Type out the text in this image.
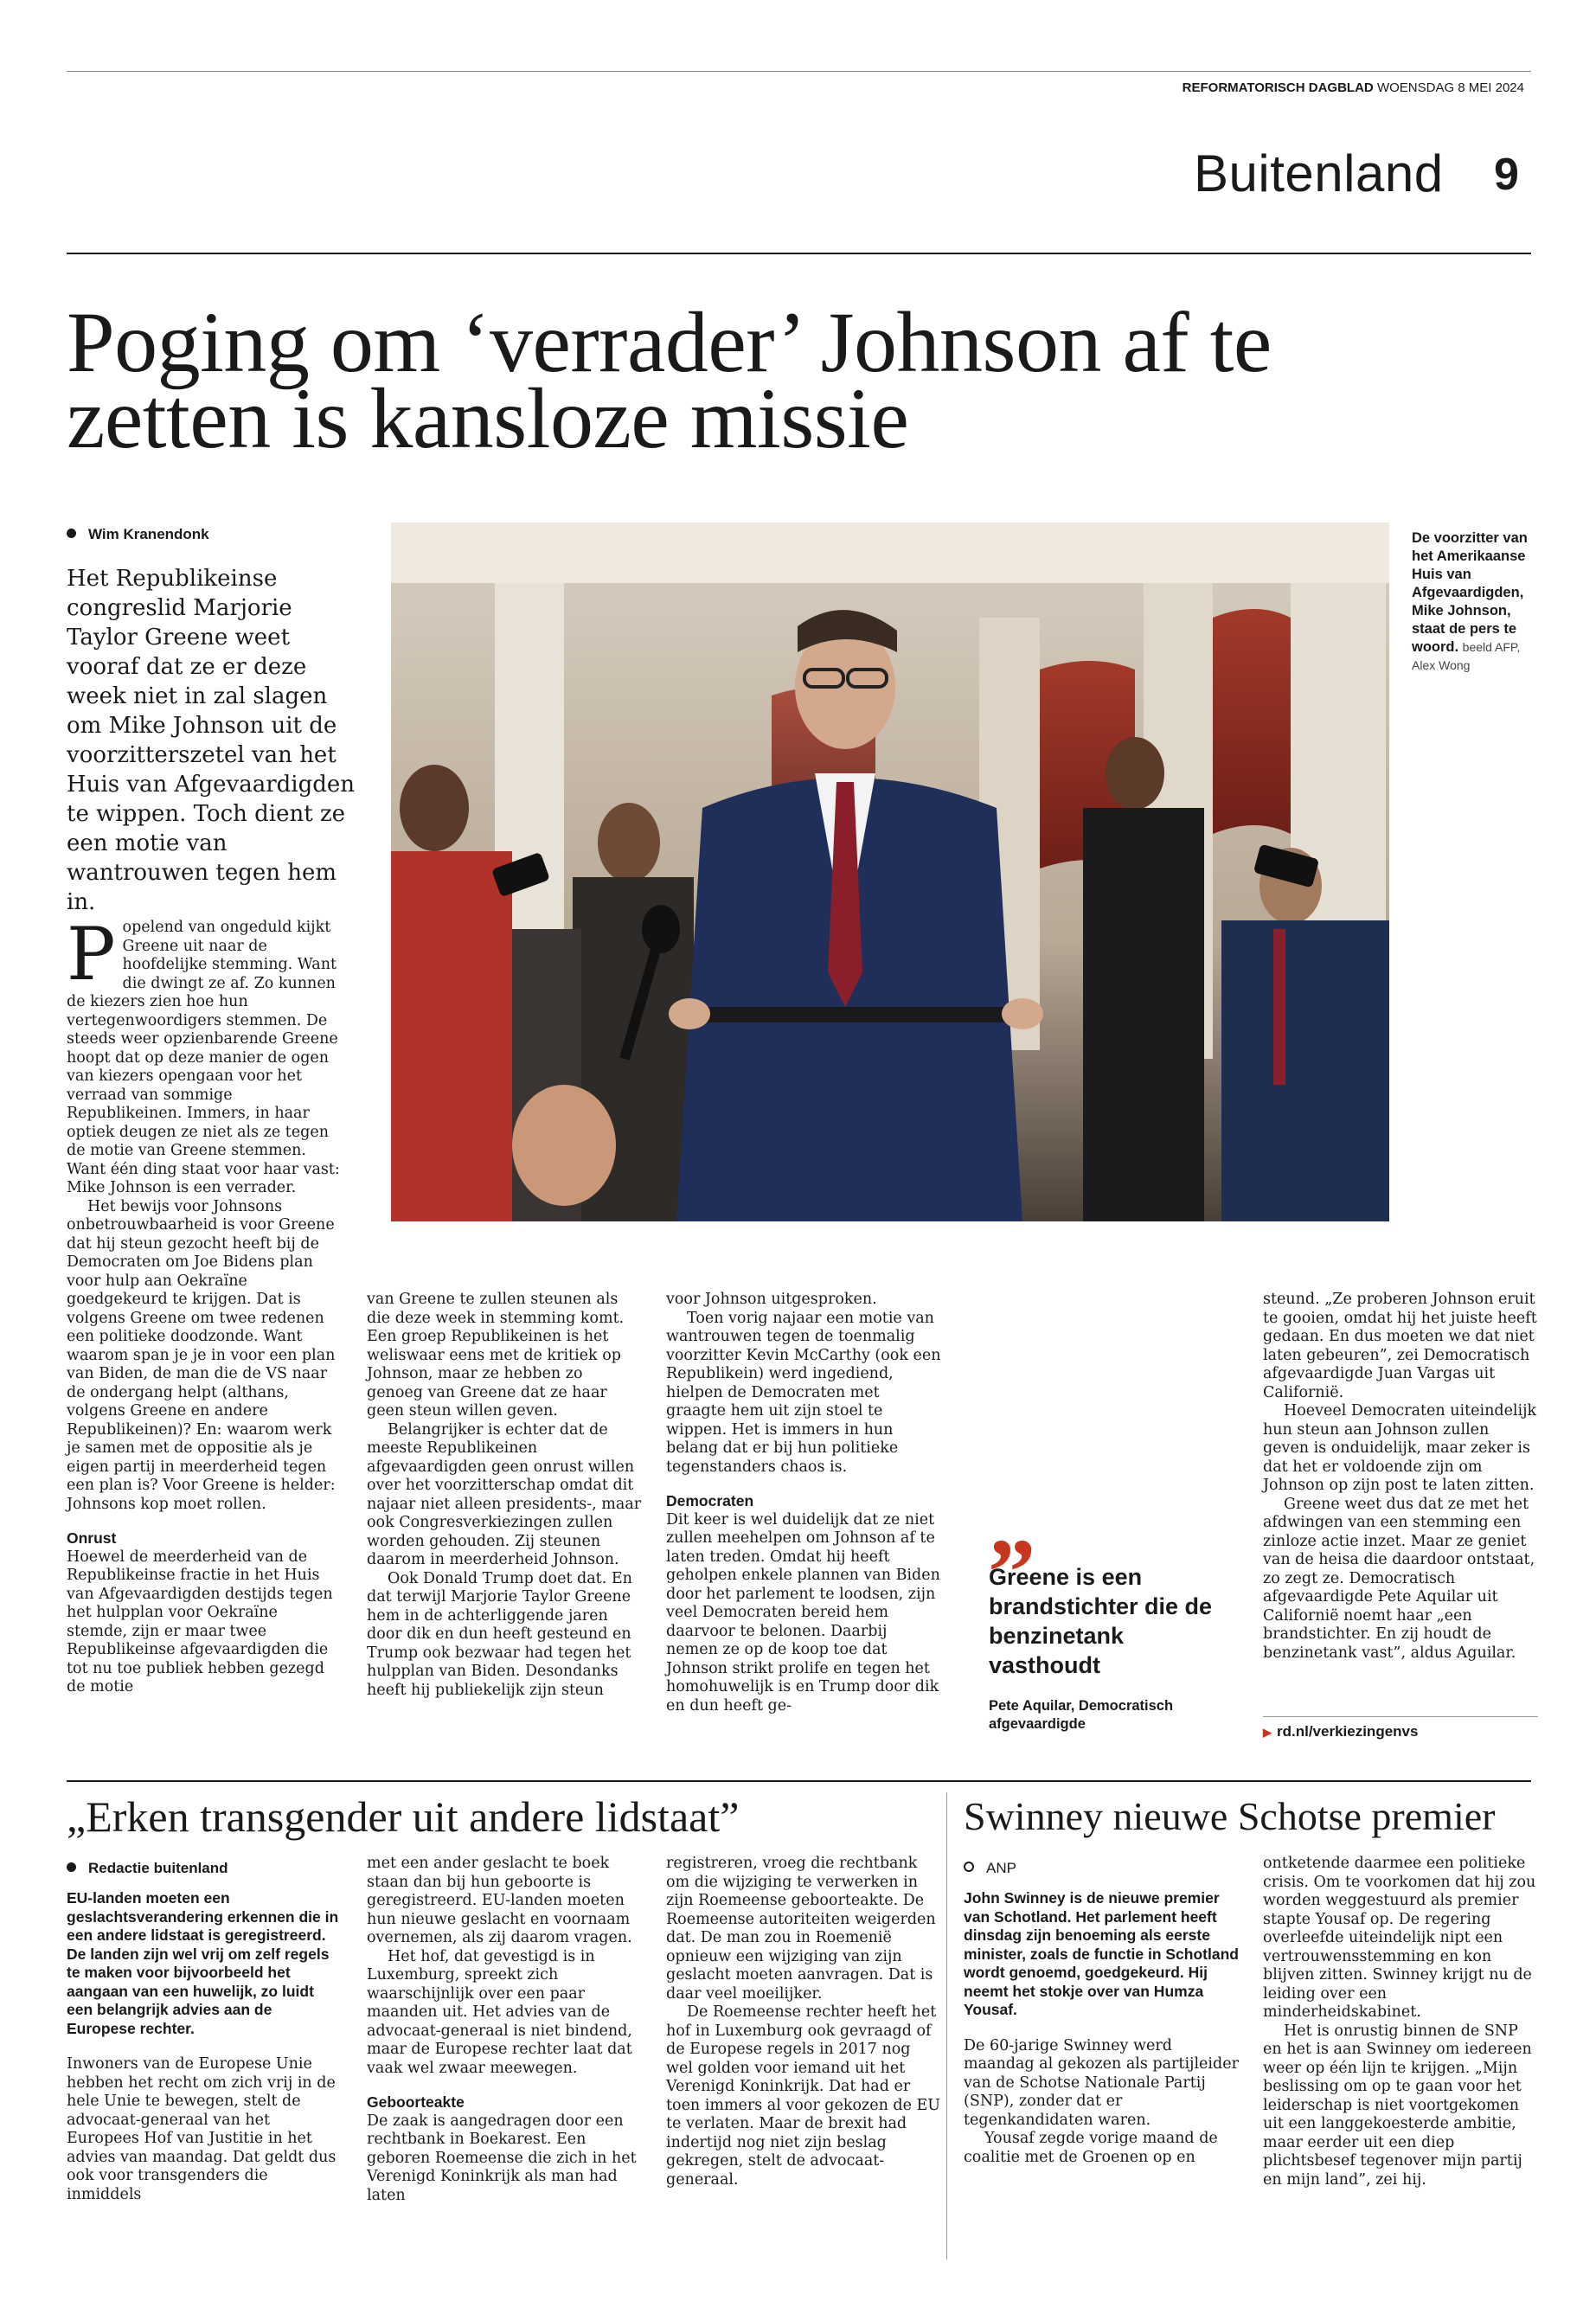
REFORMATORISCH DAGBLAD WOENSDAG 8 MEI 2024
Buitenland 9
Poging om ‘verrader’ Johnson af te
zetten is kansloze missie
Wim Kranendonk
Het Republikeinse congreslid Marjorie Taylor Greene weet vooraf dat ze er deze week niet in zal slagen om Mike Johnson uit de voorzitterszetel van het Huis van Afgevaardigden te wippen. Toch dient ze een motie van wantrouwen tegen hem in.
De voorzitter van het Amerikaanse Huis van Afgevaardigden, Mike Johnson, staat de pers te woord. beeld AFP, Alex Wong
P opelend van ongeduld kijkt Greene uit naar de hoofdelijke stemming. Want die dwingt ze af. Zo kunnen de kiezers zien hoe hun vertegenwoordigers stemmen. De steeds weer opzienbarende Greene hoopt dat op deze manier de ogen van kiezers opengaan voor het verraad van sommige Republikeinen. Immers, in haar optiek deugen ze niet als ze tegen de motie van Greene stemmen. Want één ding staat voor haar vast: Mike Johnson is een verrader.

Het bewijs voor Johnsons onbetrouwbaarheid is voor Greene dat hij steun gezocht heeft bij de Democraten om Joe Bidens plan voor hulp aan Oekraïne goedgekeurd te krijgen. Dat is volgens Greene om twee redenen een politieke doodzonde. Want waarom span je je in voor een plan van Biden, de man die de VS naar de ondergang helpt (althans, volgens Greene en andere Republikeinen)? En: waarom werk je samen met de oppositie als je eigen partij in meerderheid tegen een plan is? Voor Greene is helder: Johnsons kop moet rollen.

Onrust

Hoewel de meerderheid van de Republikeinse fractie in het Huis van Afgevaardigden destijds tegen het hulpplan voor Oekraïne stemde, zijn er maar twee Republikeinse afgevaardigden die tot nu toe publiek hebben gezegd de motie

van Greene te zullen steunen als die deze week in stemming komt. Een groep Republikeinen is het weliswaar eens met de kritiek op Johnson, maar ze hebben zo genoeg van Greene dat ze haar geen steun willen geven.

Belangrijker is echter dat de meeste Republikeinen afgevaardigden geen onrust willen over het voorzitterschap omdat dit najaar niet alleen presidents-, maar ook Congresverkiezingen zullen worden gehouden. Zij steunen daarom in meerderheid Johnson.

Ook Donald Trump doet dat. En dat terwijl Marjorie Taylor Greene hem in de achterliggende jaren door dik en dun heeft gesteund en Trump ook bezwaar had tegen het hulpplan van Biden. Desondanks heeft hij publiekelijk zijn steun

voor Johnson uitgesproken.

Toen vorig najaar een motie van wantrouwen tegen de toenmalig voorzitter Kevin McCarthy (ook een Republikein) werd ingediend, hielpen de Democraten met graagte hem uit zijn stoel te wippen. Het is immers in hun belang dat er bij hun politieke tegenstanders chaos is.

Democraten

Dit keer is wel duidelijk dat ze niet zullen meehelpen om Johnson af te laten treden. Omdat hij heeft geholpen enkele plannen van Biden door het parlement te loodsen, zijn veel Democraten bereid hem daarvoor te belonen. Daarbij nemen ze op de koop toe dat Johnson strikt prolife en tegen het homohuwelijk is en Trump door dik en dun heeft ge-

„
Greene is een brandstichter die de benzinetank vasthoudt
Pete Aquilar, Democratisch afgevaardigde

steund. „Ze proberen Johnson eruit te gooien, omdat hij het juiste heeft gedaan. En dus moeten we dat niet laten gebeuren”, zei Democratisch afgevaardigde Juan Vargas uit Californië.

Hoeveel Democraten uiteindelijk hun steun aan Johnson zullen geven is onduidelijk, maar zeker is dat het er voldoende zijn om Johnson op zijn post te laten zitten.

Greene weet dus dat ze met het afdwingen van een stemming een zinloze actie inzet. Maar ze geniet van de heisa die daardoor ontstaat, zo zegt ze. Democratisch afgevaardigde Pete Aquilar uit Californië noemt haar „een brandstichter. En zij houdt de benzinetank vast”, aldus Aguilar.

▶ rd.nl/verkiezingenvs
„Erken transgender uit andere lidstaat”
Redactie buitenland

EU-landen moeten een geslachtsverandering erkennen die in een andere lidstaat is geregistreerd. De landen zijn wel vrij om zelf regels te maken voor bijvoorbeeld het aangaan van een huwelijk, zo luidt een belangrijk advies aan de Europese rechter.

Inwoners van de Europese Unie hebben het recht om zich vrij in de hele Unie te bewegen, stelt de advocaat-generaal van het Europees Hof van Justitie in het advies van maandag. Dat geldt dus ook voor transgenders die inmiddels

met een ander geslacht te boek staan dan bij hun geboorte is geregistreerd. EU-landen moeten hun nieuwe geslacht en voornaam overnemen, als zij daarom vragen.

Het hof, dat gevestigd is in Luxemburg, spreekt zich waarschijnlijk over een paar maanden uit. Het advies van de advocaat-generaal is niet bindend, maar de Europese rechter laat dat vaak wel zwaar meewegen.

Geboorteakte

De zaak is aangedragen door een rechtbank in Boekarest. Een geboren Roemeense die zich in het Verenigd Koninkrijk als man had laten

registreren, vroeg die rechtbank om die wijziging te verwerken in zijn Roemeense geboorteakte. De Roemeense autoriteiten weigerden dat. De man zou in Roemenië opnieuw een wijziging van zijn geslacht moeten aanvragen. Dat is daar veel moeilijker.

De Roemeense rechter heeft het hof in Luxemburg ook gevraagd of de Europese regels in 2017 nog wel golden voor iemand uit het Verenigd Koninkrijk. Dat had er toen immers al voor gekozen de EU te verlaten. Maar de brexit had indertijd nog niet zijn beslag gekregen, stelt de advocaat-generaal.

Swinney nieuwe Schotse premier
ANP

John Swinney is de nieuwe premier van Schotland. Het parlement heeft dinsdag zijn benoeming als eerste minister, zoals de functie in Schotland wordt genoemd, goedgekeurd. Hij neemt het stokje over van Humza Yousaf.

De 60-jarige Swinney werd maandag al gekozen als partijleider van de Schotse Nationale Partij (SNP), zonder dat er tegenkandidaten waren.

Yousaf zegde vorige maand de coalitie met de Groenen op en

ontketende daarmee een politieke crisis. Om te voorkomen dat hij zou worden weggestuurd als premier stapte Yousaf op. De regering overleefde uiteindelijk nipt een vertrouwensstemming en kon blijven zitten. Swinney krijgt nu de leiding over een minderheidskabinet.

Het is onrustig binnen de SNP en het is aan Swinney om iedereen weer op één lijn te krijgen. „Mijn beslissing om op te gaan voor het leiderschap is niet voortgekomen uit een langgekoesterde ambitie, maar eerder uit een diep plichtsbesef tegenover mijn partij en mijn land”, zei hij.
